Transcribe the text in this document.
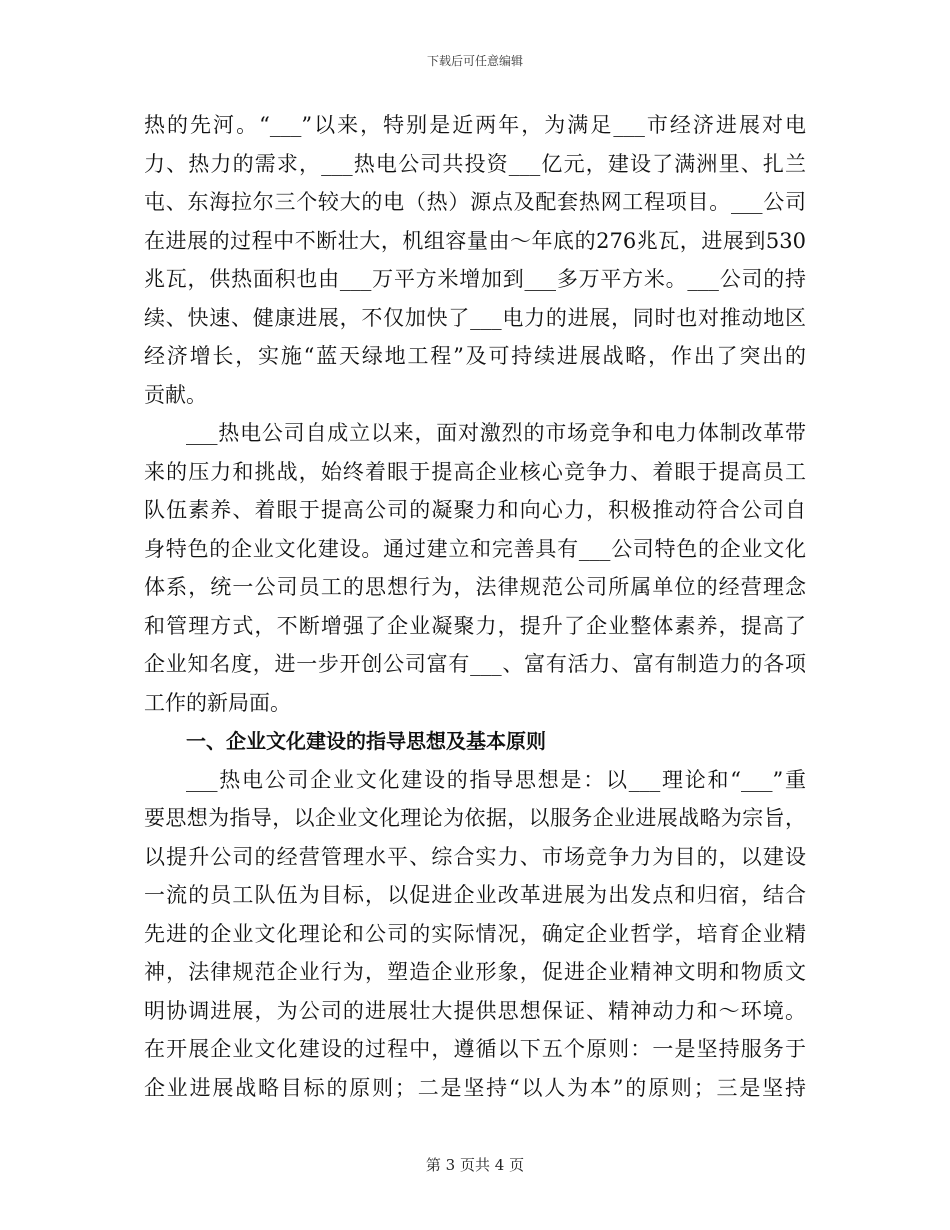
下载后可任意编辑
热的先河。“___”以来，特别是近两年，为满足___市经济进展对电
力、热力的需求，___热电公司共投资___亿元，建设了满洲里、扎兰
屯、东海拉尔三个较大的电（热）源点及配套热网工程项目。___公司
在进展的过程中不断壮大，机组容量由～年底的276兆瓦，进展到530
兆瓦，供热面积也由___万平方米增加到___多万平方米。___公司的持
续、快速、健康进展，不仅加快了___电力的进展，同时也对推动地区
经济增长，实施“蓝天绿地工程”及可持续进展战略，作出了突出的
贡献。
___热电公司自成立以来，面对激烈的市场竞争和电力体制改革带
来的压力和挑战，始终着眼于提高企业核心竞争力、着眼于提高员工
队伍素养、着眼于提高公司的凝聚力和向心力，积极推动符合公司自
身特色的企业文化建设。通过建立和完善具有___公司特色的企业文化
体系，统一公司员工的思想行为，法律规范公司所属单位的经营理念
和管理方式，不断增强了企业凝聚力，提升了企业整体素养，提高了
企业知名度，进一步开创公司富有___、富有活力、富有制造力的各项
工作的新局面。
一、企业文化建设的指导思想及基本原则
___热电公司企业文化建设的指导思想是：以___理论和“___”重
要思想为指导，以企业文化理论为依据，以服务企业进展战略为宗旨，
以提升公司的经营管理水平、综合实力、市场竞争力为目的，以建设
一流的员工队伍为目标，以促进企业改革进展为出发点和归宿，结合
先进的企业文化理论和公司的实际情况，确定企业哲学，培育企业精
神，法律规范企业行为，塑造企业形象，促进企业精神文明和物质文
明协调进展，为公司的进展壮大提供思想保证、精神动力和～环境。
在开展企业文化建设的过程中，遵循以下五个原则：一是坚持服务于
企业进展战略目标的原则；二是坚持“以人为本”的原则；三是坚持
第 3 页共 4 页
